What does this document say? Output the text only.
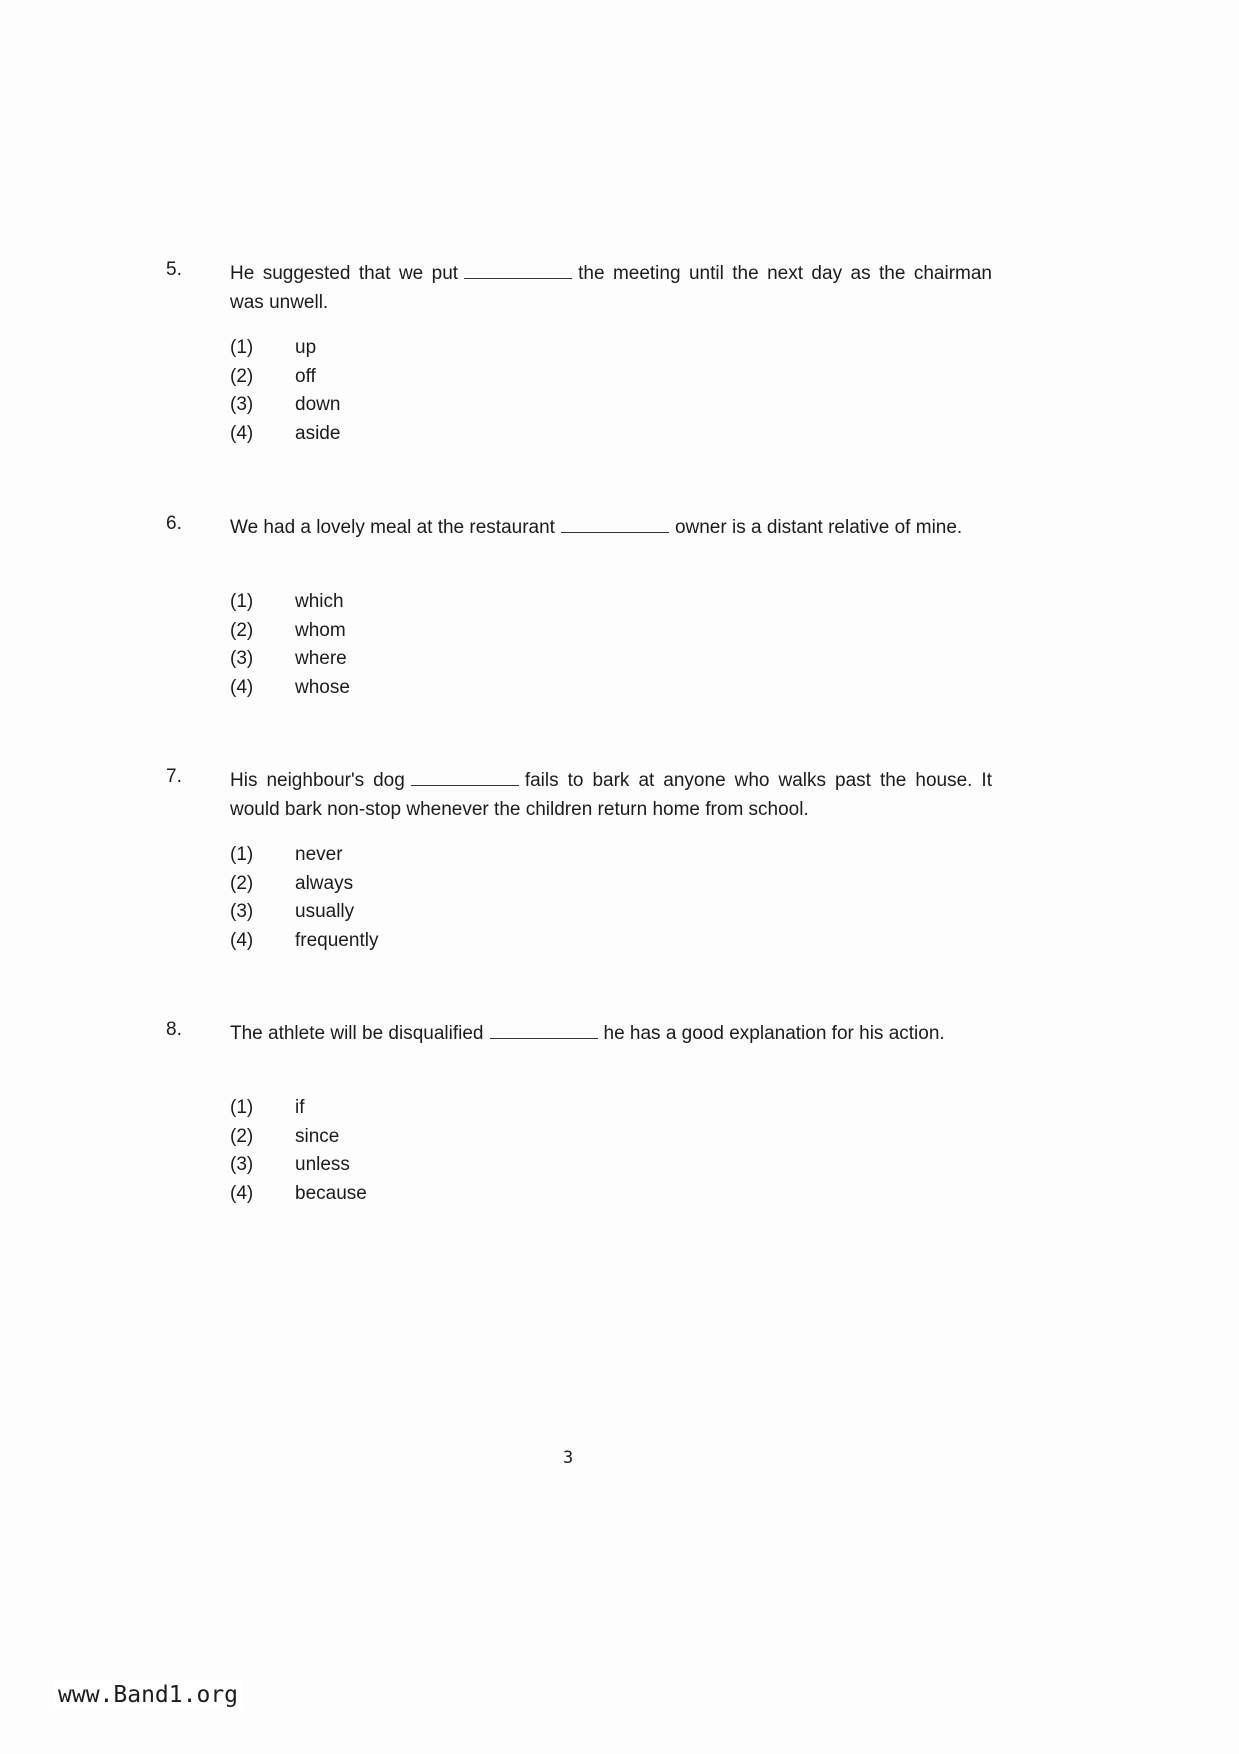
5.	He suggested that we put	the meeting until the next day as the chairman was unwell.
(1) up
(2) off
(3) down
(4) aside
6.	We had a lovely meal at the restaurant	owner is a distant relative of mine.
(1) which
(2) whom
(3) where
(4) whose
7.	His neighbour's dog	fails to bark at anyone who walks past the house. It would bark non-stop whenever the children return home from school.
(1) never
(2) always
(3) usually
(4) frequently
8.	The athlete will be disqualified	he has a good explanation for his action.
(1) if
(2) since
(3) unless
(4) because
3
www.Band1.org
